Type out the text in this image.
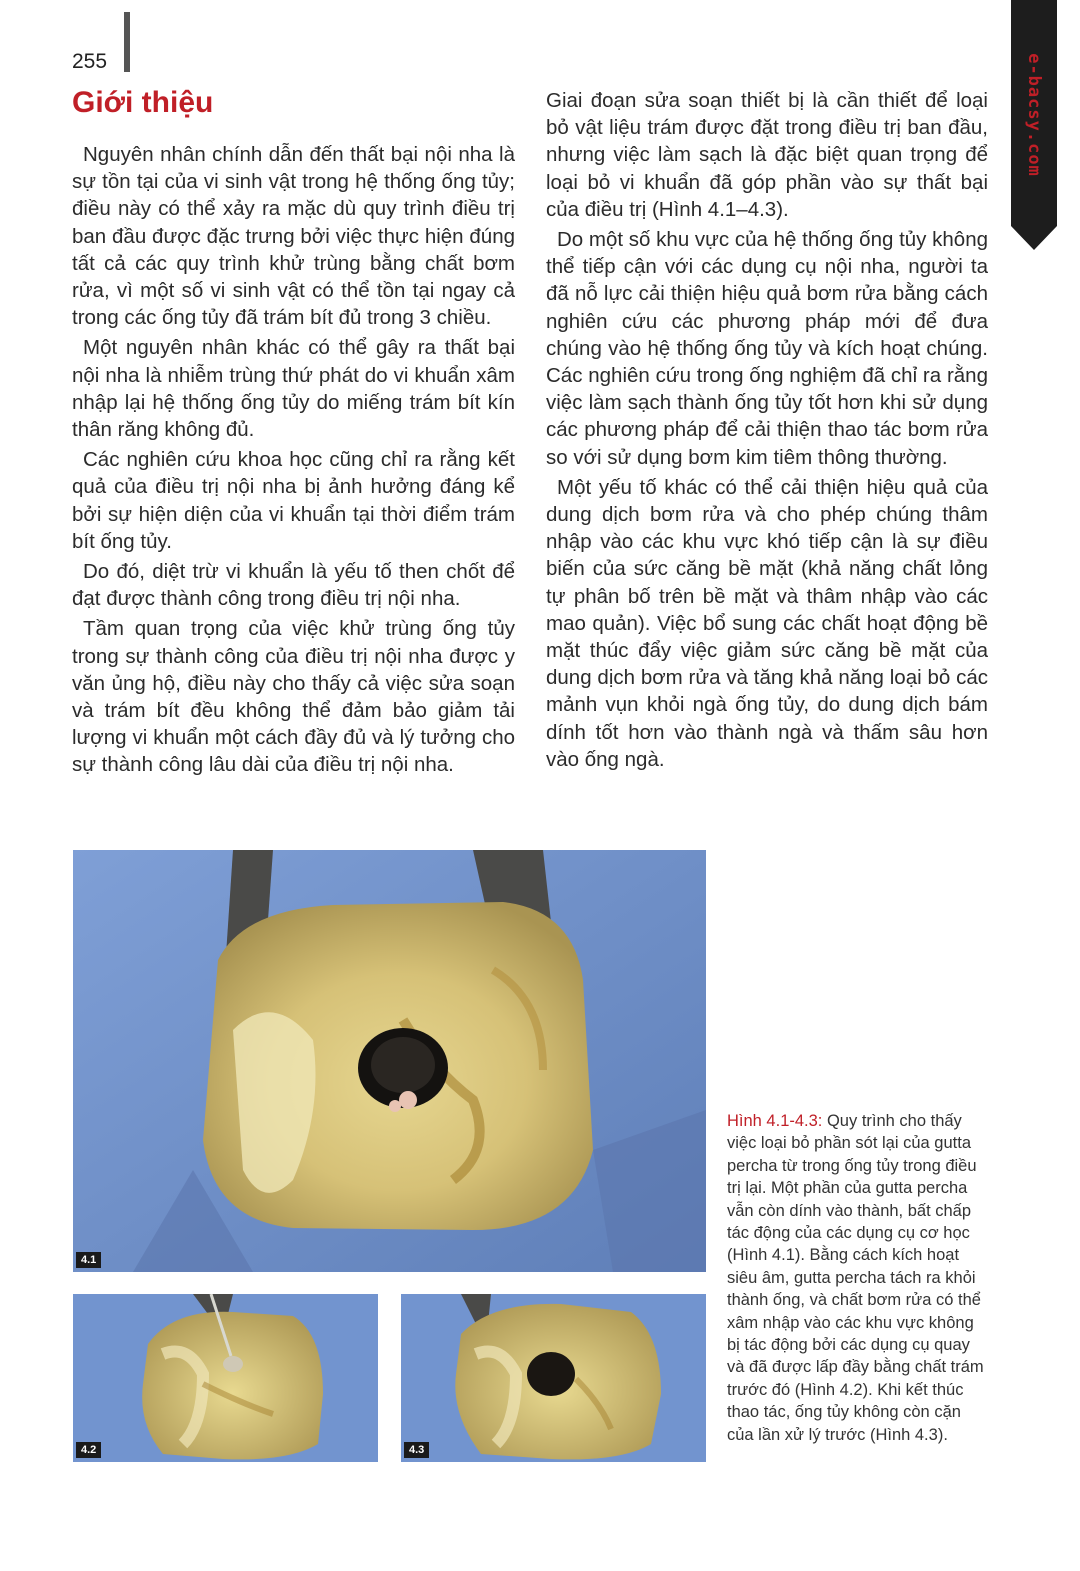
255	e-bacsy.com
Giới thiệu

Nguyên nhân chính dẫn đến thất bại nội nha là sự tồn tại của vi sinh vật trong hệ thống ống tủy; điều này có thể xảy ra mặc dù quy trình điều trị ban đầu được đặc trưng bởi việc thực hiện đúng tất cả các quy trình khử trùng bằng chất bơm rửa, vì một số vi sinh vật có thể tồn tại ngay cả trong các ống tủy đã trám bít đủ trong 3 chiều.

Một nguyên nhân khác có thể gây ra thất bại nội nha là nhiễm trùng thứ phát do vi khuẩn xâm nhập lại hệ thống ống tủy do miếng trám bít kín thân răng không đủ.

Các nghiên cứu khoa học cũng chỉ ra rằng kết quả của điều trị nội nha bị ảnh hưởng đáng kể bởi sự hiện diện của vi khuẩn tại thời điểm trám bít ống tủy.

Do đó, diệt trừ vi khuẩn là yếu tố then chốt để đạt được thành công trong điều trị nội nha.

Tầm quan trọng của việc khử trùng ống tủy trong sự thành công của điều trị nội nha được y văn ủng hộ, điều này cho thấy cả việc sửa soạn và trám bít đều không thể đảm bảo giảm tải lượng vi khuẩn một cách đầy đủ và lý tưởng cho sự thành công lâu dài của điều trị nội nha.

Giai đoạn sửa soạn thiết bị là cần thiết để loại bỏ vật liệu trám được đặt trong điều trị ban đầu, nhưng việc làm sạch là đặc biệt quan trọng để loại bỏ vi khuẩn đã góp phần vào sự thất bại của điều trị (Hình 4.1–4.3).

Do một số khu vực của hệ thống ống tủy không thể tiếp cận với các dụng cụ nội nha, người ta đã nỗ lực cải thiện hiệu quả bơm rửa bằng cách nghiên cứu các phương pháp mới để đưa chúng vào hệ thống ống tủy và kích hoạt chúng. Các nghiên cứu trong ống nghiệm đã chỉ ra rằng việc làm sạch thành ống tủy tốt hơn khi sử dụng các phương pháp để cải thiện thao tác bơm rửa so với sử dụng bơm kim tiêm thông thường.

Một yếu tố khác có thể cải thiện hiệu quả của dung dịch bơm rửa và cho phép chúng thâm nhập vào các khu vực khó tiếp cận là sự điều biến của sức căng bề mặt (khả năng chất lỏng tự phân bố trên bề mặt và thâm nhập vào các mao quản). Việc bổ sung các chất hoạt động bề mặt thúc đẩy việc giảm sức căng bề mặt của dung dịch bơm rửa và tăng khả năng loại bỏ các mảnh vụn khỏi ngà ống tủy, do dung dịch bám dính tốt hơn vào thành ngà và thấm sâu hơn vào ống ngà.

4.1
4.2	4.3
Hình 4.1-4.3: Quy trình cho thấy việc loại bỏ phần sót lại của gutta percha từ trong ống tủy trong điều trị lại. Một phần của gutta percha vẫn còn dính vào thành, bất chấp tác động của các dụng cụ cơ học (Hình 4.1). Bằng cách kích hoạt siêu âm, gutta percha tách ra khỏi thành ống, và chất bơm rửa có thể xâm nhập vào các khu vực không bị tác động bởi các dụng cụ quay và đã được lấp đầy bằng chất trám trước đó (Hình 4.2). Khi kết thúc thao tác, ống tủy không còn cặn của lần xử lý trước (Hình 4.3).
